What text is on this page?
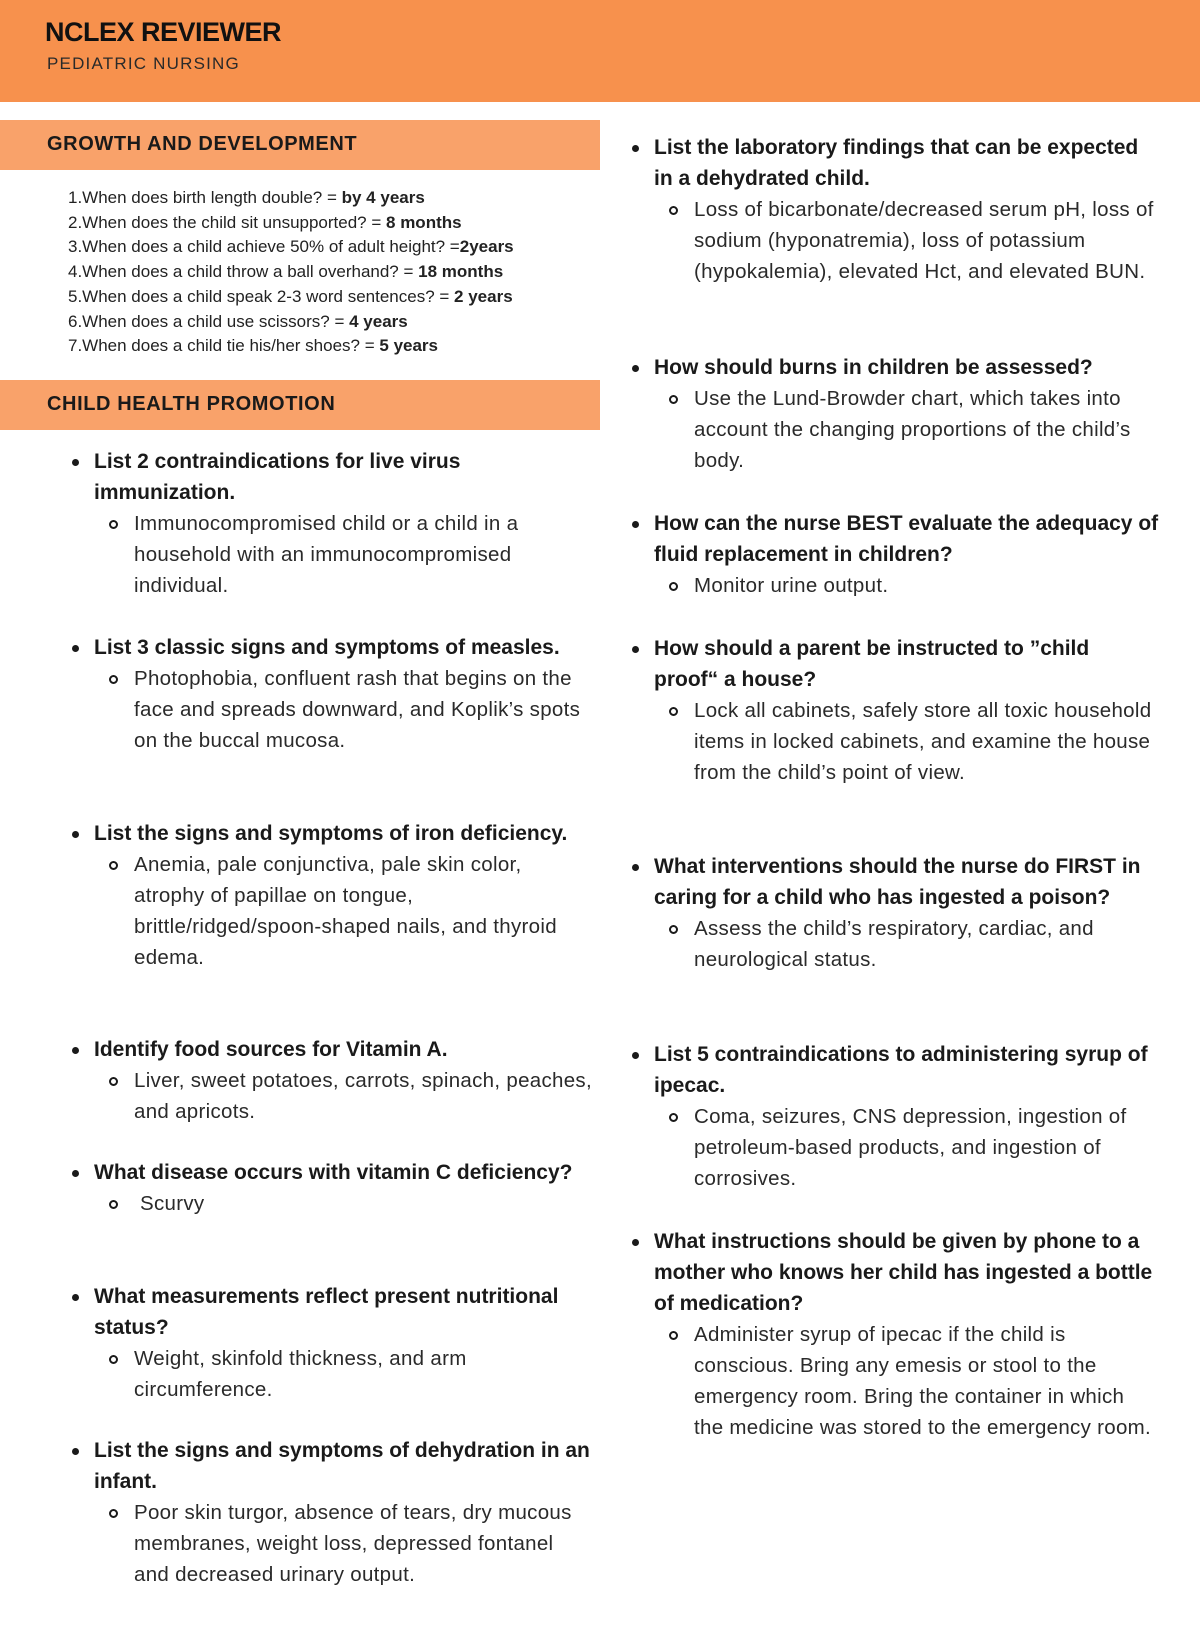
NCLEX REVIEWER
PEDIATRIC NURSING
GROWTH AND DEVELOPMENT
1.When does birth length double? = by 4 years
2.When does the child sit unsupported? = 8 months
3.When does a child achieve 50% of adult height? =2years
4.When does a child throw a ball overhand? = 18 months
5.When does a child speak 2-3 word sentences? = 2 years
6.When does a child use scissors? = 4 years
7.When does a child tie his/her shoes? = 5 years
CHILD HEALTH PROMOTION
List 2 contraindications for live virus immunization.
Immunocompromised child or a child in a household with an immunocompromised individual.
List 3 classic signs and symptoms of measles.
Photophobia, confluent rash that begins on the face and spreads downward, and Koplik’s spots on the buccal mucosa.
List the signs and symptoms of iron deficiency.
Anemia, pale conjunctiva, pale skin color, atrophy of papillae on tongue, brittle/ridged/spoon-shaped nails, and thyroid edema.
Identify food sources for Vitamin A.
Liver, sweet potatoes, carrots, spinach, peaches, and apricots.
What disease occurs with vitamin C deficiency?
Scurvy
What measurements reflect present nutritional status?
Weight, skinfold thickness, and arm circumference.
List the signs and symptoms of dehydration in an infant.
Poor skin turgor, absence of tears, dry mucous membranes, weight loss, depressed fontanel and decreased urinary output.
List the laboratory findings that can be expected in a dehydrated child.
Loss of bicarbonate/decreased serum pH, loss of sodium (hyponatremia), loss of potassium (hypokalemia), elevated Hct, and elevated BUN.
How should burns in children be assessed?
Use the Lund-Browder chart, which takes into account the changing proportions of the child’s body.
How can the nurse BEST evaluate the adequacy of fluid replacement in children?
Monitor urine output.
How should a parent be instructed to ”child proof“ a house?
Lock all cabinets, safely store all toxic household items in locked cabinets, and examine the house from the child’s point of view.
What interventions should the nurse do FIRST in caring for a child who has ingested a poison?
Assess the child’s respiratory, cardiac, and neurological status.
List 5 contraindications to administering syrup of ipecac.
Coma, seizures, CNS depression, ingestion of petroleum-based products, and ingestion of corrosives.
What instructions should be given by phone to a mother who knows her child has ingested a bottle of medication?
Administer syrup of ipecac if the child is conscious. Bring any emesis or stool to the emergency room. Bring the container in which the medicine was stored to the emergency room.
